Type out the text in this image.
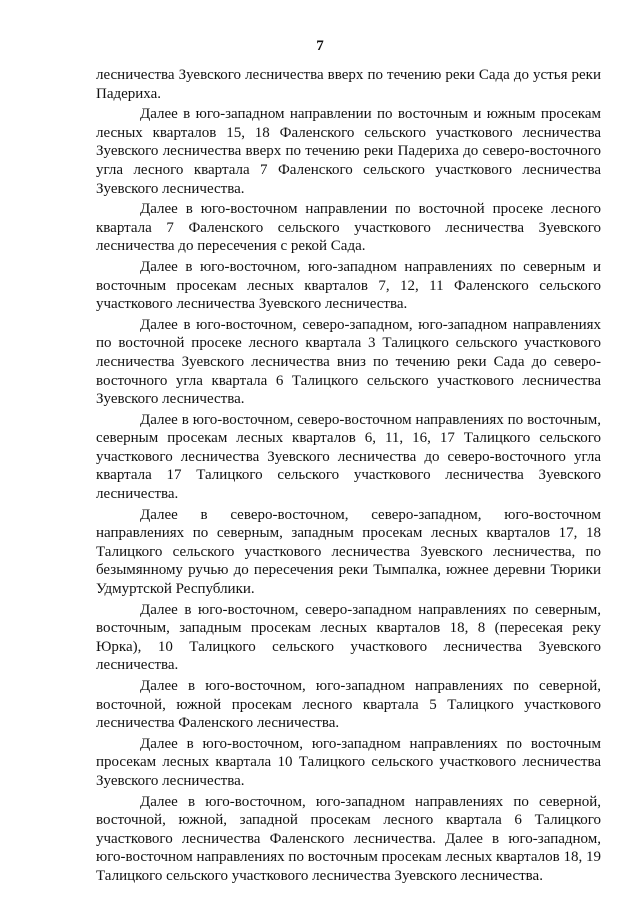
7

лесничества Зуевского лесничества вверх по течению реки Сада до устья реки Падериха.

Далее в юго-западном направлении по восточным и южным просекам лесных кварталов 15, 18 Фаленского сельского участкового лесничества Зуевского лесничества вверх по течению реки Падериха до северо-восточного угла лесного квартала 7 Фаленского сельского участкового лесничества Зуевского лесничества.

Далее в юго-восточном направлении по восточной просеке лесного квартала 7 Фаленского сельского участкового лесничества Зуевского лесничества до пересечения с рекой Сада.

Далее в юго-восточном, юго-западном направлениях по северным и восточным просекам лесных кварталов 7, 12, 11 Фаленского сельского участкового лесничества Зуевского лесничества.

Далее в юго-восточном, северо-западном, юго-западном направлениях по восточной просеке лесного квартала 3 Талицкого сельского участкового лесничества Зуевского лесничества вниз по течению реки Сада до северо-восточного угла квартала 6 Талицкого сельского участкового лесничества Зуевского лесничества.

Далее в юго-восточном, северо-восточном направлениях по восточным, северным просекам лесных кварталов 6, 11, 16, 17 Талицкого сельского участкового лесничества Зуевского лесничества до северо-восточного угла квартала 17 Талицкого сельского участкового лесничества Зуевского лесничества.

Далее в северо-восточном, северо-западном, юго-восточном направлениях по северным, западным просекам лесных кварталов 17, 18 Талицкого сельского участкового лесничества Зуевского лесничества, по безымянному ручью до пересечения реки Тымпалка, южнее деревни Тюрики Удмуртской Республики.

Далее в юго-восточном, северо-западном направлениях по северным, восточным, западным просекам лесных кварталов 18, 8 (пересекая реку Юрка), 10 Талицкого сельского участкового лесничества Зуевского лесничества.

Далее в юго-восточном, юго-западном направлениях по северной, восточной, южной просекам лесного квартала 5 Талицкого участкового лесничества Фаленского лесничества.

Далее в юго-восточном, юго-западном направлениях по восточным просекам лесных квартала 10 Талицкого сельского участкового лесничества Зуевского лесничества.

Далее в юго-восточном, юго-западном направлениях по северной, восточной, южной, западной просекам лесного квартала 6 Талицкого участкового лесничества Фаленского лесничества. Далее в юго-западном, юго-восточном направлениях по восточным просекам лесных кварталов 18, 19 Талицкого сельского участкового лесничества Зуевского лесничества.
